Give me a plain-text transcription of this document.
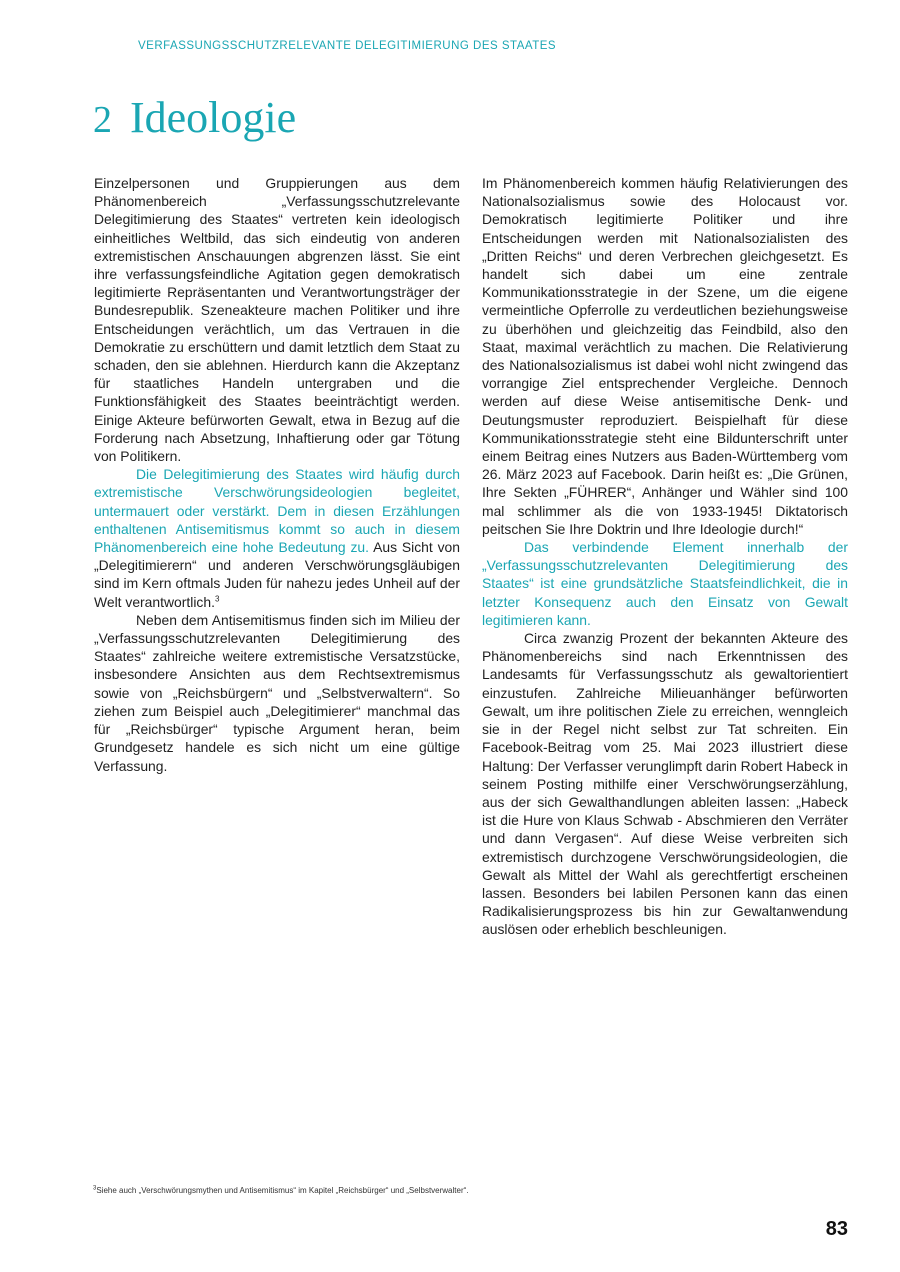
VERFASSUNGSSCHUTZRELEVANTE DELEGITIMIERUNG DES STAATES
2 Ideologie

Einzelpersonen und Gruppierungen aus dem Phänomenbereich „Verfassungsschutzrelevante Delegitimierung des Staates“ vertreten kein ideologisch einheitliches Weltbild, das sich eindeutig von anderen extremistischen Anschauungen abgrenzen lässt. Sie eint ihre verfassungsfeindliche Agitation gegen demokratisch legitimierte Repräsentanten und Verantwortungsträger der Bundesrepublik. Szeneakteure machen Politiker und ihre Entscheidungen verächtlich, um das Vertrauen in die Demokratie zu erschüttern und damit letztlich dem Staat zu schaden, den sie ablehnen. Hierdurch kann die Akzeptanz für staatliches Handeln untergraben und die Funktionsfähigkeit des Staates beeinträchtigt werden. Einige Akteure befürworten Gewalt, etwa in Bezug auf die Forderung nach Absetzung, Inhaftierung oder gar Tötung von Politikern.

Die Delegitimierung des Staates wird häufig durch extremistische Verschwörungsideologien begleitet, untermauert oder verstärkt. Dem in diesen Erzählungen enthaltenen Antisemitismus kommt so auch in diesem Phänomenbereich eine hohe Bedeutung zu. Aus Sicht von „Delegitimierern“ und anderen Verschwörungsgläubigen sind im Kern oftmals Juden für nahezu jedes Unheil auf der Welt verantwortlich.$^3$

Neben dem Antisemitismus finden sich im Milieu der „Verfassungsschutzrelevanten Delegitimierung des Staates“ zahlreiche weitere extremistische Versatzstücke, insbesondere Ansichten aus dem Rechtsextremismus sowie von „Reichsbürgern“ und „Selbstverwaltern“. So ziehen zum Beispiel auch „Delegitimierer“ manchmal das für „Reichsbürger“ typische Argument heran, beim Grundgesetz handele es sich nicht um eine gültige Verfassung.

Im Phänomenbereich kommen häufig Relativierungen des Nationalsozialismus sowie des Holocaust vor. Demokratisch legitimierte Politiker und ihre Entscheidungen werden mit Nationalsozialisten des „Dritten Reichs“ und deren Verbrechen gleichgesetzt. Es handelt sich dabei um eine zentrale Kommunikationsstrategie in der Szene, um die eigene vermeintliche Opferrolle zu verdeutlichen beziehungsweise zu überhöhen und gleichzeitig das Feindbild, also den Staat, maximal verächtlich zu machen. Die Relativierung des Nationalsozialismus ist dabei wohl nicht zwingend das vorrangige Ziel entsprechender Vergleiche. Dennoch werden auf diese Weise antisemitische Denk- und Deutungsmuster reproduziert. Beispielhaft für diese Kommunikationsstrategie steht eine Bildunterschrift unter einem Beitrag eines Nutzers aus Baden-Württemberg vom 26. März 2023 auf Facebook. Darin heißt es: „Die Grünen, Ihre Sekten „FÜHRER“, Anhänger und Wähler sind 100 mal schlimmer als die von 1933-1945! Diktatorisch peitschen Sie Ihre Doktrin und Ihre Ideologie durch!“

Das verbindende Element innerhalb der „Verfassungsschutzrelevanten Delegitimierung des Staates“ ist eine grundsätzliche Staatsfeindlichkeit, die in letzter Konsequenz auch den Einsatz von Gewalt legitimieren kann.

Circa zwanzig Prozent der bekannten Akteure des Phänomenbereichs sind nach Erkenntnissen des Landesamts für Verfassungsschutz als gewaltorientiert einzustufen. Zahlreiche Milieuanhänger befürworten Gewalt, um ihre politischen Ziele zu erreichen, wenngleich sie in der Regel nicht selbst zur Tat schreiten. Ein Facebook-Beitrag vom 25. Mai 2023 illustriert diese Haltung: Der Verfasser verunglimpft darin Robert Habeck in seinem Posting mithilfe einer Verschwörungserzählung, aus der sich Gewalthandlungen ableiten lassen: „Habeck ist die Hure von Klaus Schwab - Abschmieren den Verräter und dann Vergasen“. Auf diese Weise verbreiten sich extremistisch durchzogene Verschwörungsideologien, die Gewalt als Mittel der Wahl als gerechtfertigt erscheinen lassen. Besonders bei labilen Personen kann das einen Radikalisierungsprozess bis hin zur Gewaltanwendung auslösen oder erheblich beschleunigen.

$^3$Siehe auch „Verschwörungsmythen und Antisemitismus“ im Kapitel „Reichsbürger“ und „Selbstverwalter“.
83
